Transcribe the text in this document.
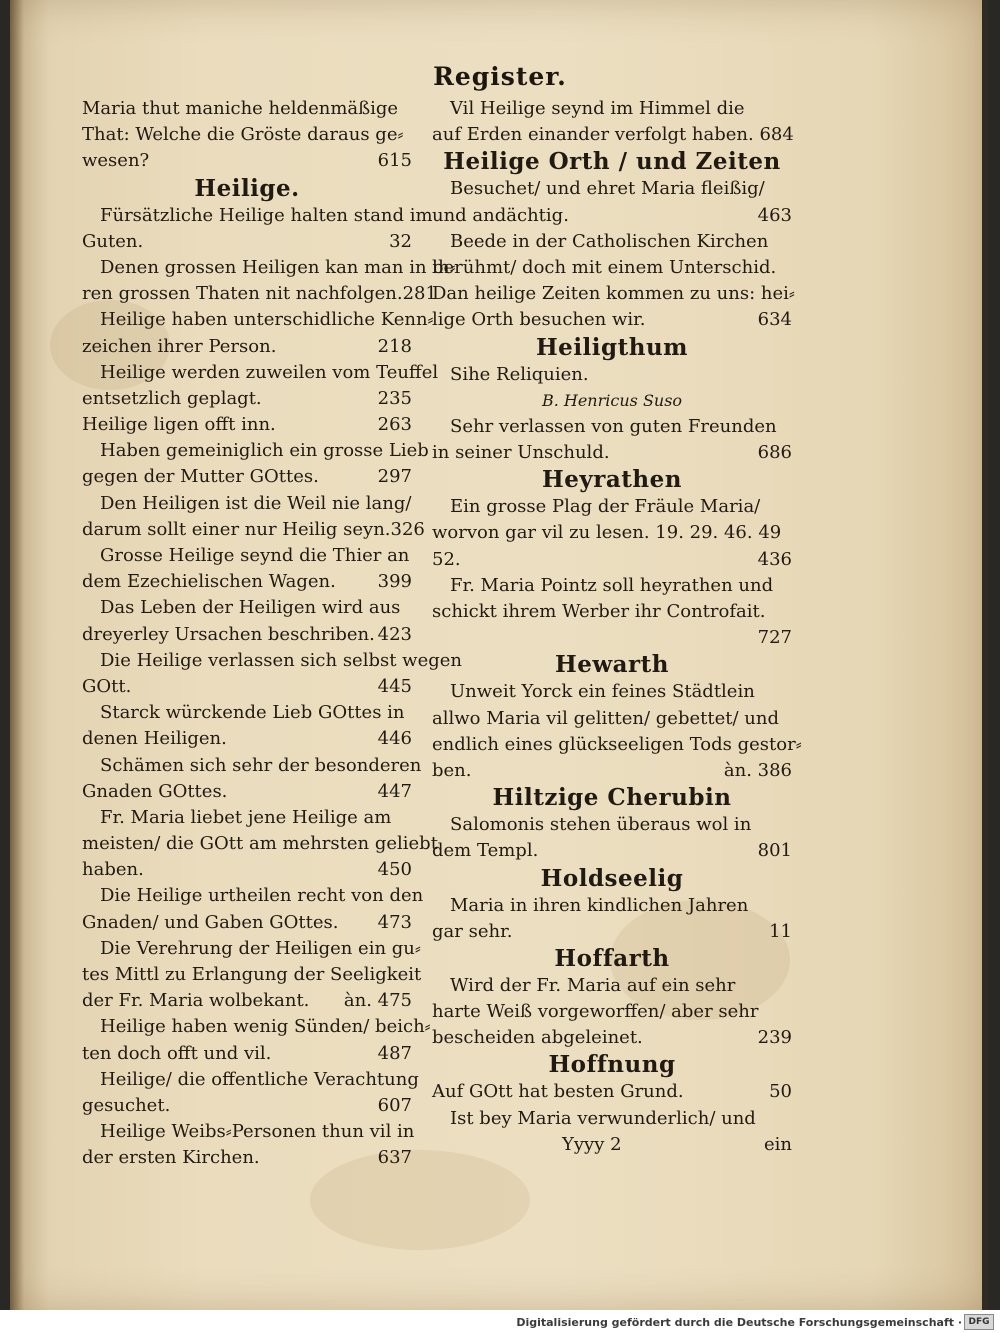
Register.
Maria thut maniche heldenmäßige
That: Welche die Gröste daraus ge⸗
wesen?	615
Heilige.
Fürsätzliche Heilige halten stand im
Guten.	32
Denen grossen Heiligen kan man in ih⸗
ren grossen Thaten nit nachfolgen. 281
Heilige haben unterschidliche Kenn⸗
zeichen ihrer Person.	218
Heilige werden zuweilen vom Teuffel
entsetzlich geplagt.	235
Heilige ligen offt inn.	263
Haben gemeiniglich ein grosse Lieb
gegen der Mutter GOttes.	297
Den Heiligen ist die Weil nie lang/
darum sollt einer nur Heilig seyn. 326
Grosse Heilige seynd die Thier an
dem Ezechielischen Wagen. 399
Das Leben der Heiligen wird aus
dreyerley Ursachen beschriben. 423
Die Heilige verlassen sich selbst wegen
GOtt.	445
Starck würckende Lieb GOttes in
denen Heiligen.	446
Schämen sich sehr der besonderen
Gnaden GOttes.	447
Fr. Maria liebet jene Heilige am
meisten/ die GOtt am mehrsten geliebt
haben.	450
Die Heilige urtheilen recht von den
Gnaden/ und Gaben GOttes. 473
Die Verehrung der Heiligen ein gu⸗
tes Mittl zu Erlangung der Seeligkeit
der Fr. Maria wolbekant. àn. 475
Heilige haben wenig Sünden/ beich⸗
ten doch offt und vil.	487
Heilige/ die offentliche Verachtung
gesuchet.	607
Heilige Weibs⸗Personen thun vil in
der ersten Kirchen.	637
Vil Heilige seynd im Himmel die
auf Erden einander verfolgt haben. 684
Heilige Orth / und Zeiten
Besuchet/ und ehret Maria fleißig/
und andächtig.	463
Beede in der Catholischen Kirchen
berühmt/ doch mit einem Unterschid.
Dan heilige Zeiten kommen zu uns: hei⸗
lige Orth besuchen wir.	634
Heiligthum
Sihe Reliquien.
B. Henricus Suso
Sehr verlassen von guten Freunden
in seiner Unschuld.	686
Heyrathen
Ein grosse Plag der Fräule Maria/
worvon gar vil zu lesen. 19. 29. 46. 49
52.	436
Fr. Maria Pointz soll heyrathen und
schickt ihrem Werber ihr Controfait.
727
Hewarth
Unweit Yorck ein feines Städtlein
allwo Maria vil gelitten/ gebettet/ und
endlich eines glückseeligen Tods gestor⸗
ben.	àn. 386
Hiltzige Cherubin
Salomonis stehen überaus wol in
dem Templ.	801
Holdseelig
Maria in ihren kindlichen Jahren
gar sehr.	11
Hoffarth
Wird der Fr. Maria auf ein sehr
harte Weiß vorgeworffen/ aber sehr
bescheiden abgeleinet.	239
Hoffnung
Auf GOtt hat besten Grund.	50
Ist bey Maria verwunderlich/ und
Yyyy 2	ein
Digitalisierung gefördert durch die Deutsche Forschungsgemeinschaft · DFG
